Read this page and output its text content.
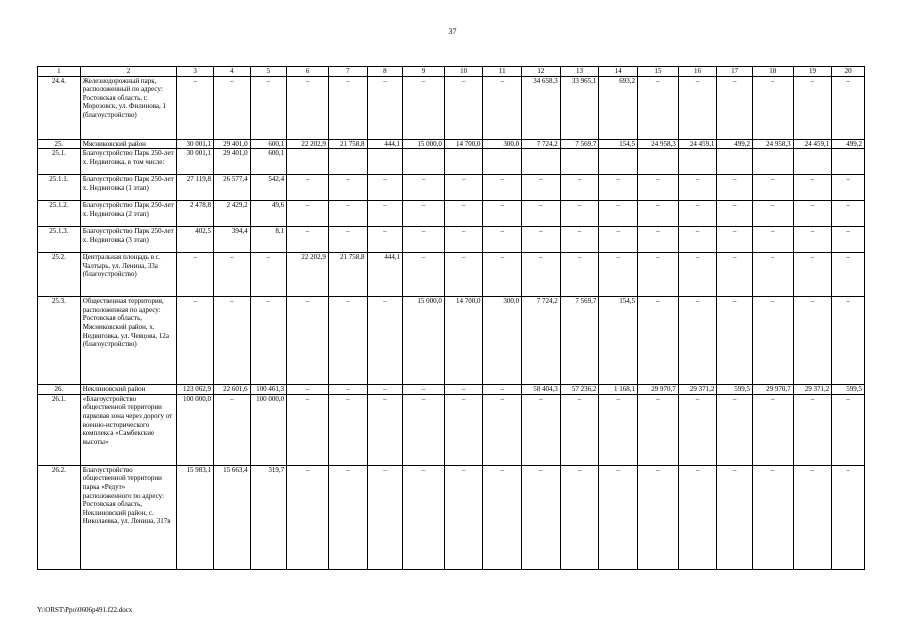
37
1	2	3	4	5	6	7	8	9	10	11	12	13	14	15	16	17	18	19	20
24.4.	Железнодорожный парк, расположенный по адресу: Ростовская область, г. Морозовск, ул. Филинова, 1 (благоустройство)	–	–	–	–	–	–	–	–	–	34 658,3	33 965,1	693,2	–	–	–	–	–	–
25.	Мясниковский район	30 001,1	29 401,0	600,1	22 202,9	21 758,8	444,1	15 000,0	14 700,0	300,0	7 724,2	7 569,7	154,5	24 958,3	24 459,1	499,2	24 958,3	24 459,1	499,2
25.1.	Благоустройство Парк 250-лет х. Недвиговка, в том числе:	30 001,1	29 401,0	600,1															
25.1.1.	Благоустройство Парк 250-лет х. Недвиговка (1 этап)	27 119,8	26 577,4	542,4	–	–	–	–	–	–	–	–	–	–	–	–	–	–	–
25.1.2.	Благоустройство Парк 250-лет х. Недвиговка (2 этап)	2 478,8	2 429,2	49,6	–	–	–	–	–	–	–	–	–	–	–	–	–	–	–
25.1.3.	Благоустройство Парк 250-лет х. Недвиговка (3 этап)	402,5	394,4	8,1	–	–	–	–	–	–	–	–	–	–	–	–	–	–	–
25.2.	Центральная площадь в с. Чалтырь, ул. Ленина, 33а (благоустройство)	–	–	–	22 202,9	21 758,8	444,1	–	–	–	–	–	–	–	–	–	–	–	–
25.3.	Общественная территория, расположенная по адресу: Ростовская область, Мясниковский район, х. Недвиговка, ул. Чеяцова, 12а (благоустройство)	–	–	–	–	–	–	15 000,0	14 700,0	300,0	7 724,2	7 569,7	154,5	–	–	–	–	–	–
26.	Неклиновский район	123 062,9	22 601,6	100 461,3	–	–	–	–	–	–	58 404,3	57 236,2	1 168,1	29 970,7	29 371,2	599,5	29 970,7	29 371,2	599,5
26.1.	«Благоустройство общественной территории парковая зона через дорогу от военно-исторического комплекса «Самбекские высоты»	100 000,0	–	100 000,0	–	–	–	–	–	–	–	–	–	–	–	–	–	–	–
26.2.	Благоустройство общественной территории парка «Редут» расположенного по адресу: Ростовская область, Неклиновский район, с. Николаевка, ул. Ленина, 317в	15 983,1	15 663,4	319,7	–	–	–	–	–	–	–	–	–	–	–	–	–	–	–
Y:\ORST\Ppo\0606p491.f22.docx
